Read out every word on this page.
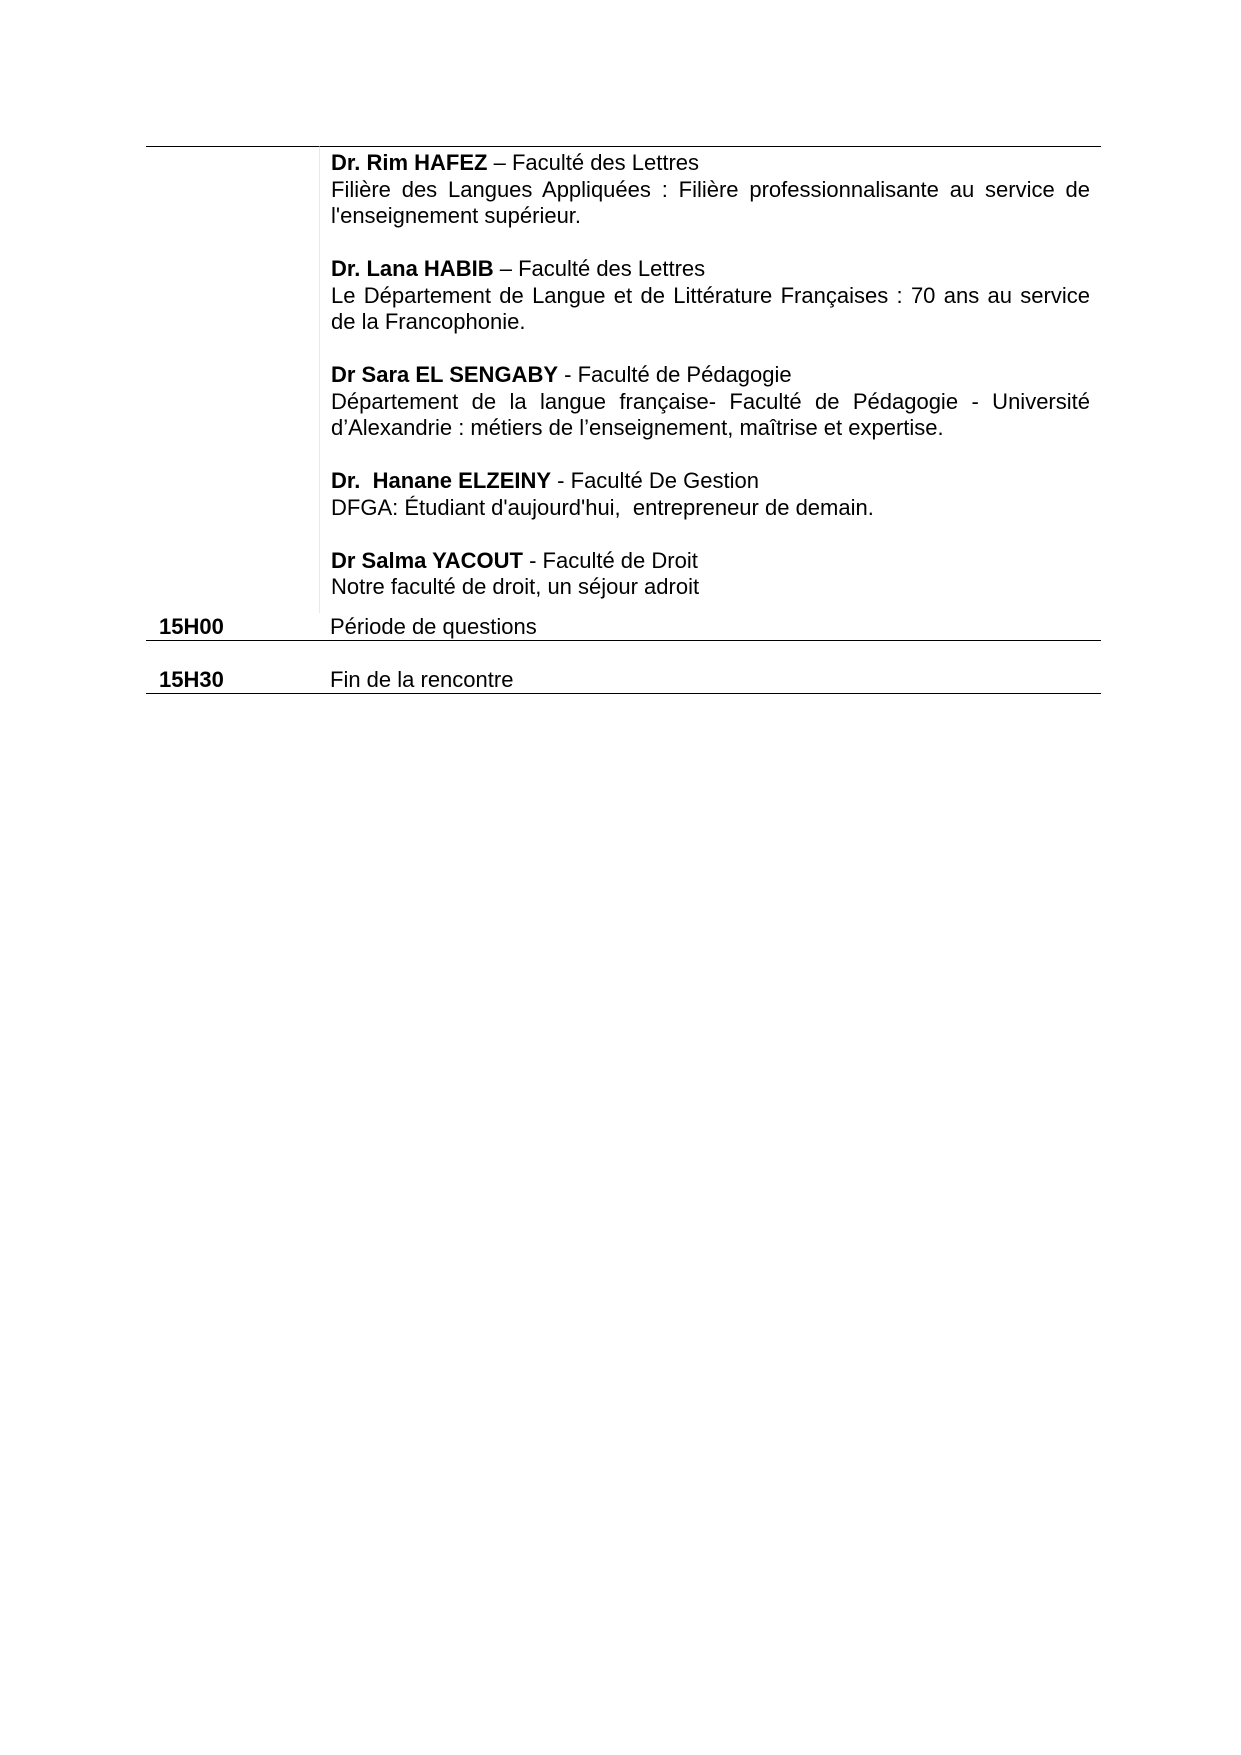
Dr. Rim HAFEZ – Faculté des Lettres
Filière des Langues Appliquées : Filière professionnalisante au service de l'enseignement supérieur.
Dr. Lana HABIB – Faculté des Lettres
Le Département de Langue et de Littérature Françaises : 70 ans au service de la Francophonie.
Dr Sara EL SENGABY - Faculté de Pédagogie
Département de la langue française- Faculté de Pédagogie - Université d’Alexandrie : métiers de l’enseignement, maîtrise et expertise.
Dr.  Hanane ELZEINY - Faculté De Gestion
DFGA: Étudiant d'aujourd'hui,  entrepreneur de demain.
Dr Salma YACOUT - Faculté de Droit
Notre faculté de droit, un séjour adroit
15H00	Période de questions
15H30	Fin de la rencontre
